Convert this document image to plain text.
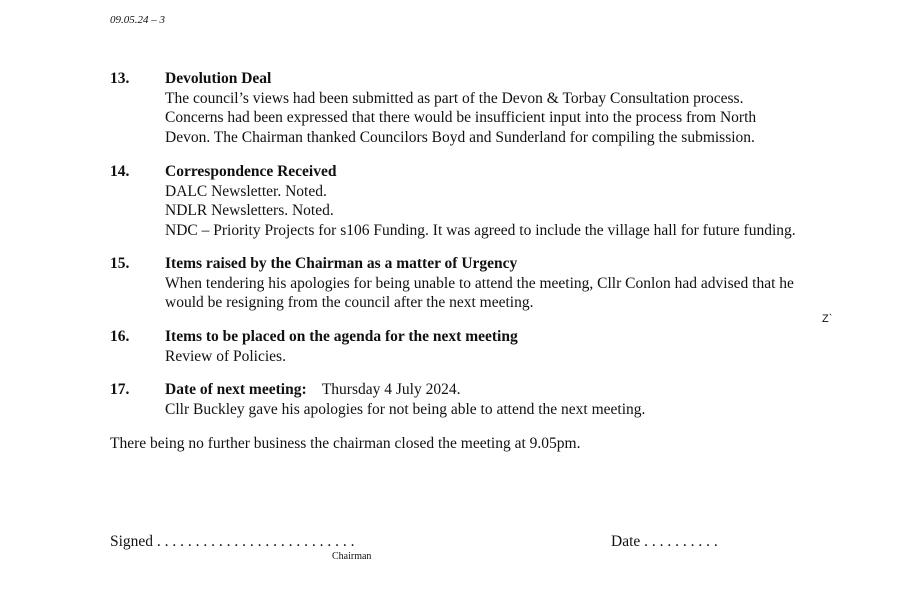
09.05.24 – 3
13.	Devolution Deal
The council’s views had been submitted as part of the Devon & Torbay Consultation process.
Concerns had been expressed that there would be insufficient input into the process from North
Devon. The Chairman thanked Councilors Boyd and Sunderland for compiling the submission.
14.	Correspondence Received
DALC Newsletter. Noted.
NDLR Newsletters. Noted.
NDC – Priority Projects for s106 Funding. It was agreed to include the village hall for future funding.
15.	Items raised by the Chairman as a matter of Urgency
When tendering his apologies for being unable to attend the meeting, Cllr Conlon had advised that he
would be resigning from the council after the next meeting.
Z`
16.	Items to be placed on the agenda for the next meeting
Review of Policies.
17.	Date of next meeting: Thursday 4 July 2024.
Cllr Buckley gave his apologies for not being able to attend the next meeting.
There being no further business the chairman closed the meeting at 9.05pm.
Signed . . . . . . . . . . . . . . . . . . . . . . . . . .
Chairman
Date . . . . . . . . . .
